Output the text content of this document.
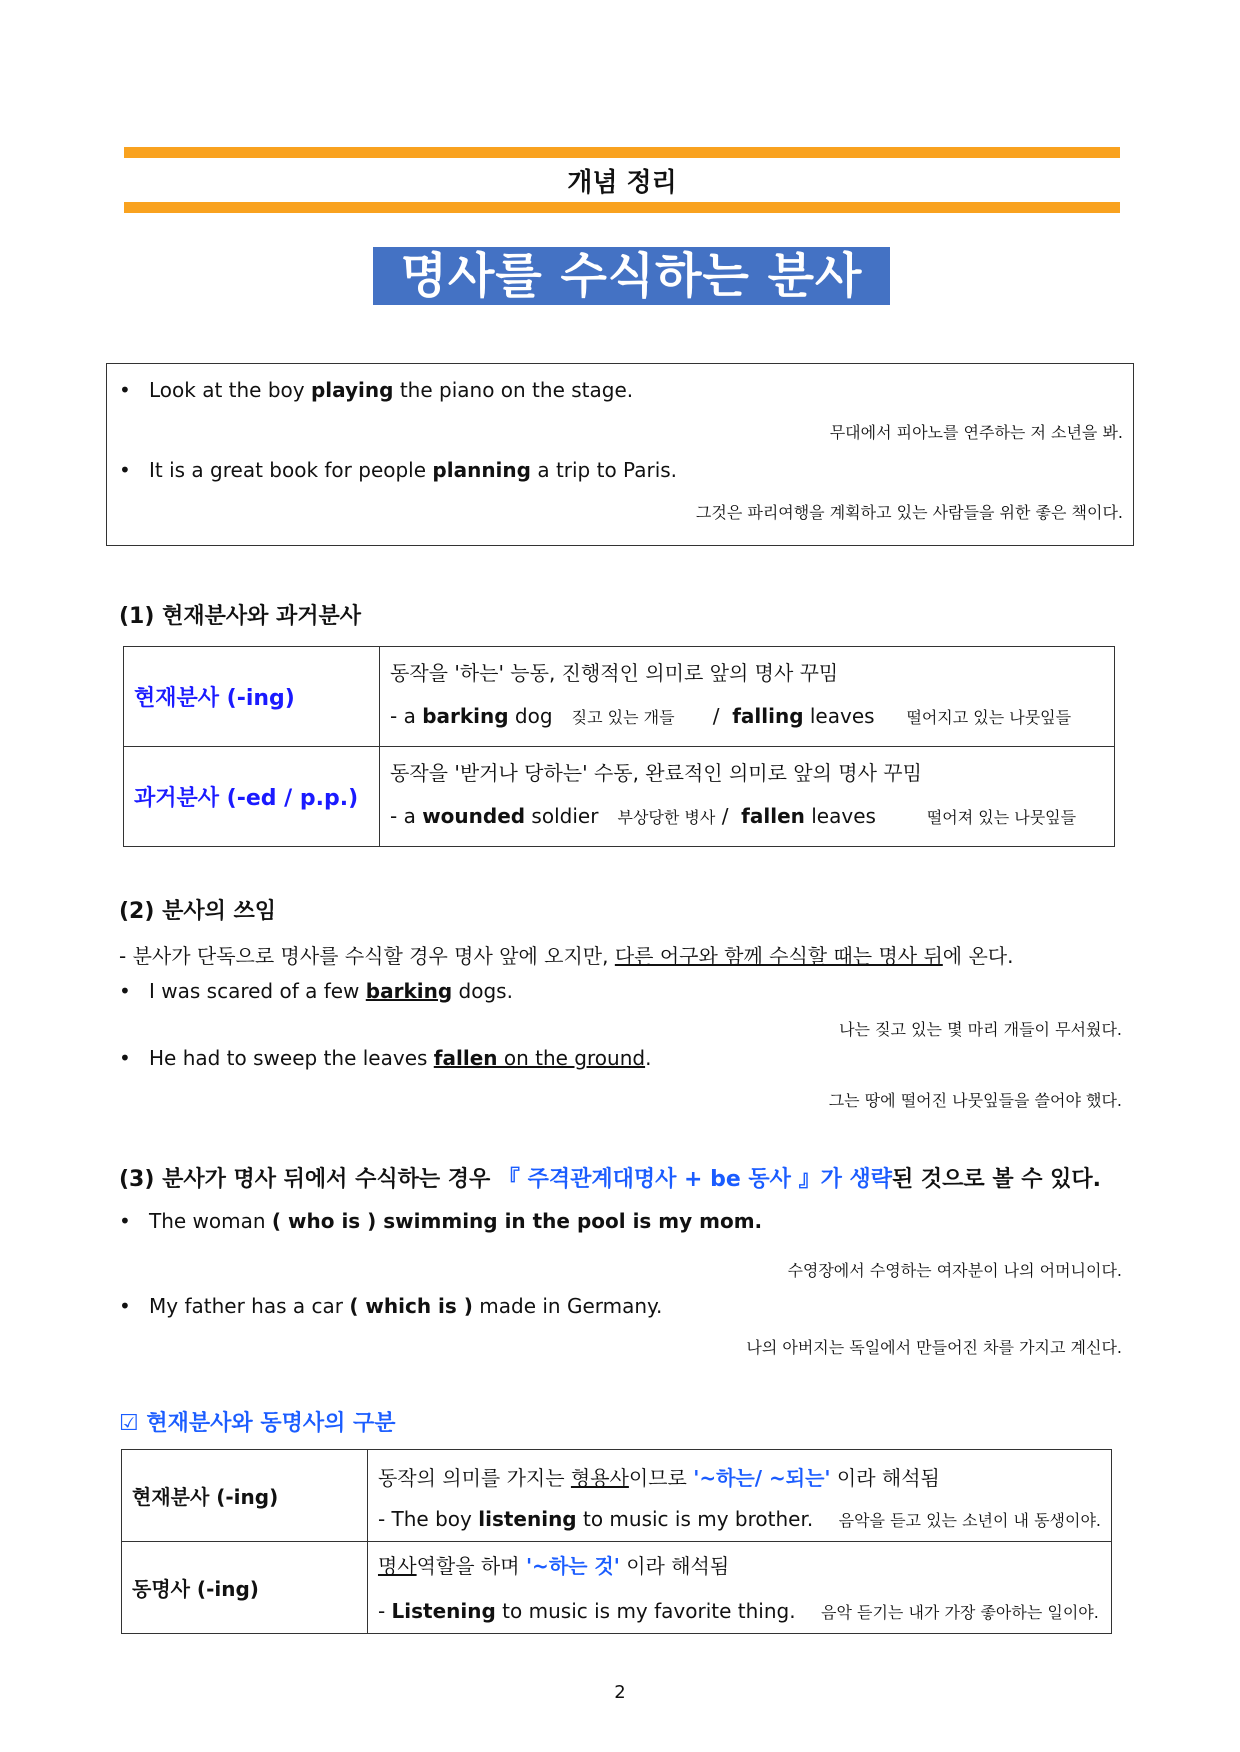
개념 정리
명사를 수식하는 분사
• Look at the boy playing the piano on the stage.
무대에서 피아노를 연주하는 저 소년을 봐.
• It is a great book for people planning a trip to Paris.
그것은 파리여행을 계획하고 있는 사람들을 위한 좋은 책이다.
(1) 현재분사와 과거분사
현재분사 (-ing)	동작을 '하는' 능동, 진행적인 의미로 앞의 명사 꾸밈
- a barking dog 짖고 있는 개들 / falling leaves 떨어지고 있는 나뭇잎들

과거분사 (-ed / p.p.)	동작을 '받거나 당하는' 수동, 완료적인 의미로 앞의 명사 꾸밈
- a wounded soldier 부상당한 병사 / fallen leaves 떨어져 있는 나뭇잎들
(2) 분사의 쓰임
- 분사가 단독으로 명사를 수식할 경우 명사 앞에 오지만, 다른 어구와 함께 수식할 때는 명사 뒤에 온다.
• I was scared of a few barking dogs.
나는 짖고 있는 몇 마리 개들이 무서웠다.
• He had to sweep the leaves fallen on the ground.
그는 땅에 떨어진 나뭇잎들을 쓸어야 했다.
(3) 분사가 명사 뒤에서 수식하는 경우 『 주격관계대명사 + be 동사 』가 생략된 것으로 볼 수 있다.
• The woman ( who is ) swimming in the pool is my mom.
수영장에서 수영하는 여자분이 나의 어머니이다.
• My father has a car ( which is ) made in Germany.
나의 아버지는 독일에서 만들어진 차를 가지고 계신다.
☑ 현재분사와 동명사의 구분
현재분사 (-ing)	동작의 의미를 가지는 형용사이므로 '~하는/ ~되는' 이라 해석됨
- The boy listening to music is my brother. 음악을 듣고 있는 소년이 내 동생이야.

동명사 (-ing)	명사역할을 하며 '~하는 것' 이라 해석됨
- Listening to music is my favorite thing. 음악 듣기는 내가 가장 좋아하는 일이야.
2
